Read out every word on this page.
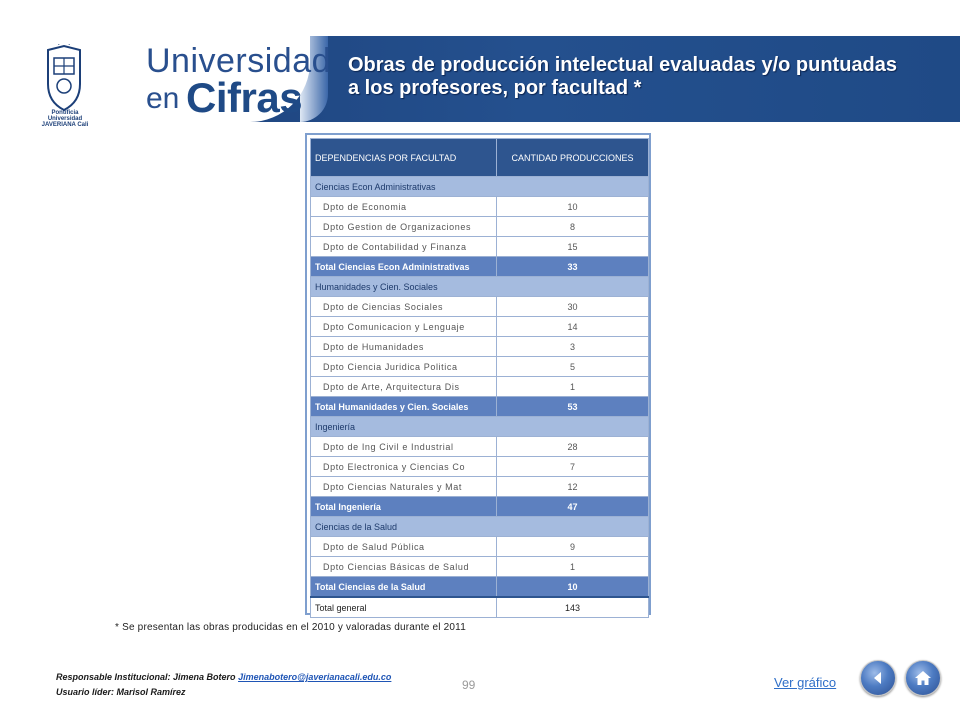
Pontificia Universidad JAVERIANA Cali
Universidad
en Cifras
Obras de producción intelectual evaluadas y/o puntuadas a los profesores, por facultad *
DEPENDENCIAS POR FACULTAD	CANTIDAD PRODUCCIONES
Ciencias Econ Administrativas	
Dpto de Economia	10
Dpto Gestion de Organizaciones	8
Dpto de Contabilidad y Finanza	15
Total Ciencias Econ Administrativas	33
Humanidades y Cien. Sociales	
Dpto de Ciencias Sociales	30
Dpto Comunicacion y Lenguaje	14
Dpto de Humanidades	3
Dpto Ciencia Juridica Politica	5
Dpto de Arte, Arquitectura Dis	1
Total Humanidades y Cien. Sociales	53
Ingeniería	
Dpto de Ing Civil e Industrial	28
Dpto Electronica y Ciencias Co	7
Dpto Ciencias Naturales y Mat	12
Total Ingeniería	47
Ciencias de la Salud	
Dpto de Salud Pública	9
Dpto Ciencias Básicas de Salud	1
Total Ciencias de la Salud	10
Total general	143
* Se presentan las obras producidas en el 2010 y valoradas durante el 2011
Responsable Institucional: Jimena Botero Jimenabotero@javerianacali.edu.co
Usuario líder: Marisol Ramírez	99	Ver gráfico
